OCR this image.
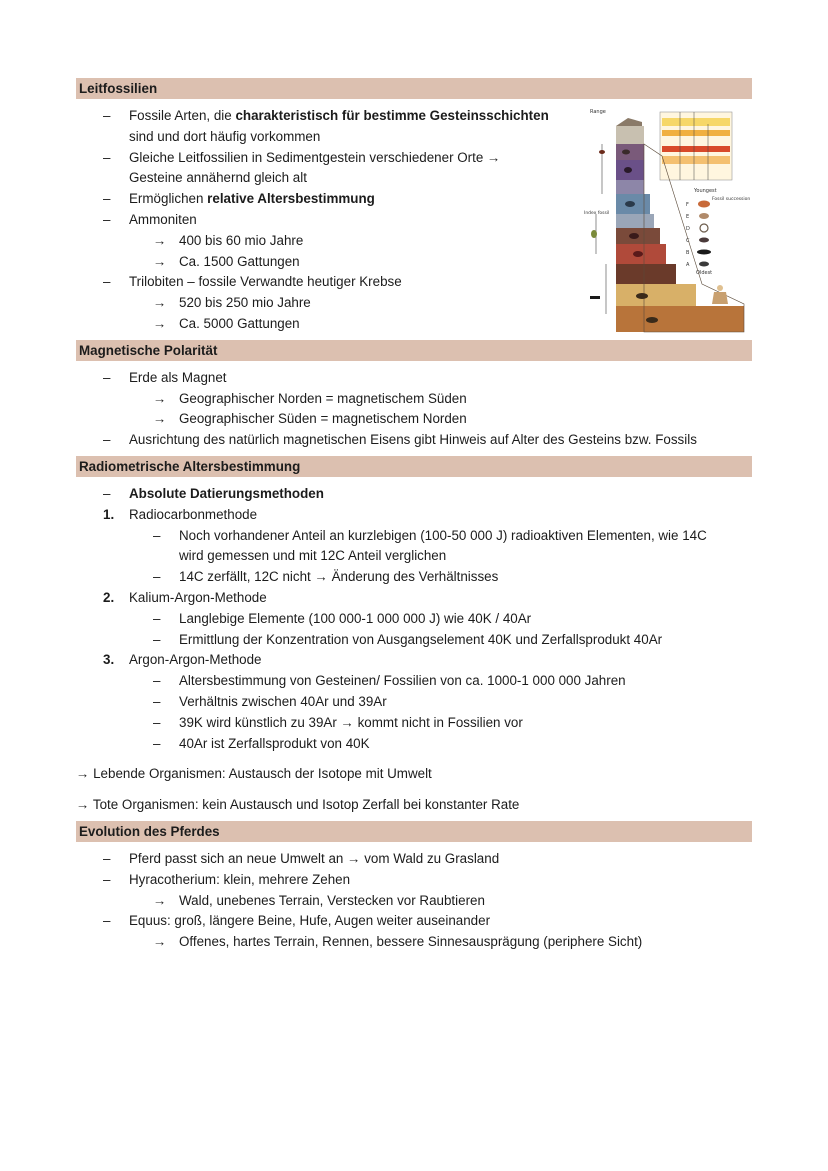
Leitfossilien
–	Fossile Arten, die charakteristisch für bestimme Gesteinsschichten
sind und dort häufig vorkommen
–	Gleiche Leitfossilien in Sedimentgestein verschiedener Orte →
Gesteine annähernd gleich alt
–	Ermöglichen relative Altersbestimmung
–	Ammoniten
→ 400 bis 60 mio Jahre
→ Ca. 1500 Gattungen
–	Trilobiten – fossile Verwandte heutiger Krebse
→ 520 bis 250 mio Jahre
→ Ca. 5000 Gattungen
Magnetische Polarität
–	Erde als Magnet
→ Geographischer Norden = magnetischem Süden
→ Geographischer Süden = magnetischem Norden
–	Ausrichtung des natürlich magnetischen Eisens gibt Hinweis auf Alter des Gesteins bzw. Fossils
Radiometrische Altersbestimmung
–	Absolute Datierungsmethoden
1.	Radiocarbonmethode
–	Noch vorhandener Anteil an kurzlebigen (100-50 000 J) radioaktiven Elementen, wie 14C
wird gemessen und mit 12C Anteil verglichen
–	14C zerfällt, 12C nicht → Änderung des Verhältnisses
2.	Kalium-Argon-Methode
–	Langlebige Elemente (100 000-1 000 000 J) wie 40K / 40Ar
–	Ermittlung der Konzentration von Ausgangselement 40K und Zerfallsprodukt 40Ar
3.	Argon-Argon-Methode
–	Altersbestimmung von Gesteinen/ Fossilien von ca. 1000-1 000 000 Jahren
–	Verhältnis zwischen 40Ar und 39Ar
–	39K wird künstlich zu 39Ar → kommt nicht in Fossilien vor
–	40Ar ist Zerfallsprodukt von 40K
→ Lebende Organismen: Austausch der Isotope mit Umwelt
→ Tote Organismen: kein Austausch und Isotop Zerfall bei konstanter Rate
Evolution des Pferdes
–	Pferd passt sich an neue Umwelt an → vom Wald zu Grasland
–	Hyracotherium: klein, mehrere Zehen
→ Wald, unebenes Terrain, Verstecken vor Raubtieren
–	Equus: groß, längere Beine, Hufe, Augen weiter auseinander
→ Offenes, hartes Terrain, Rennen, bessere Sinnesausprägung (periphere Sicht)
Range
Youngest
Oldest
Index fossil
Fossil succession
F
E
D
C
B
A
